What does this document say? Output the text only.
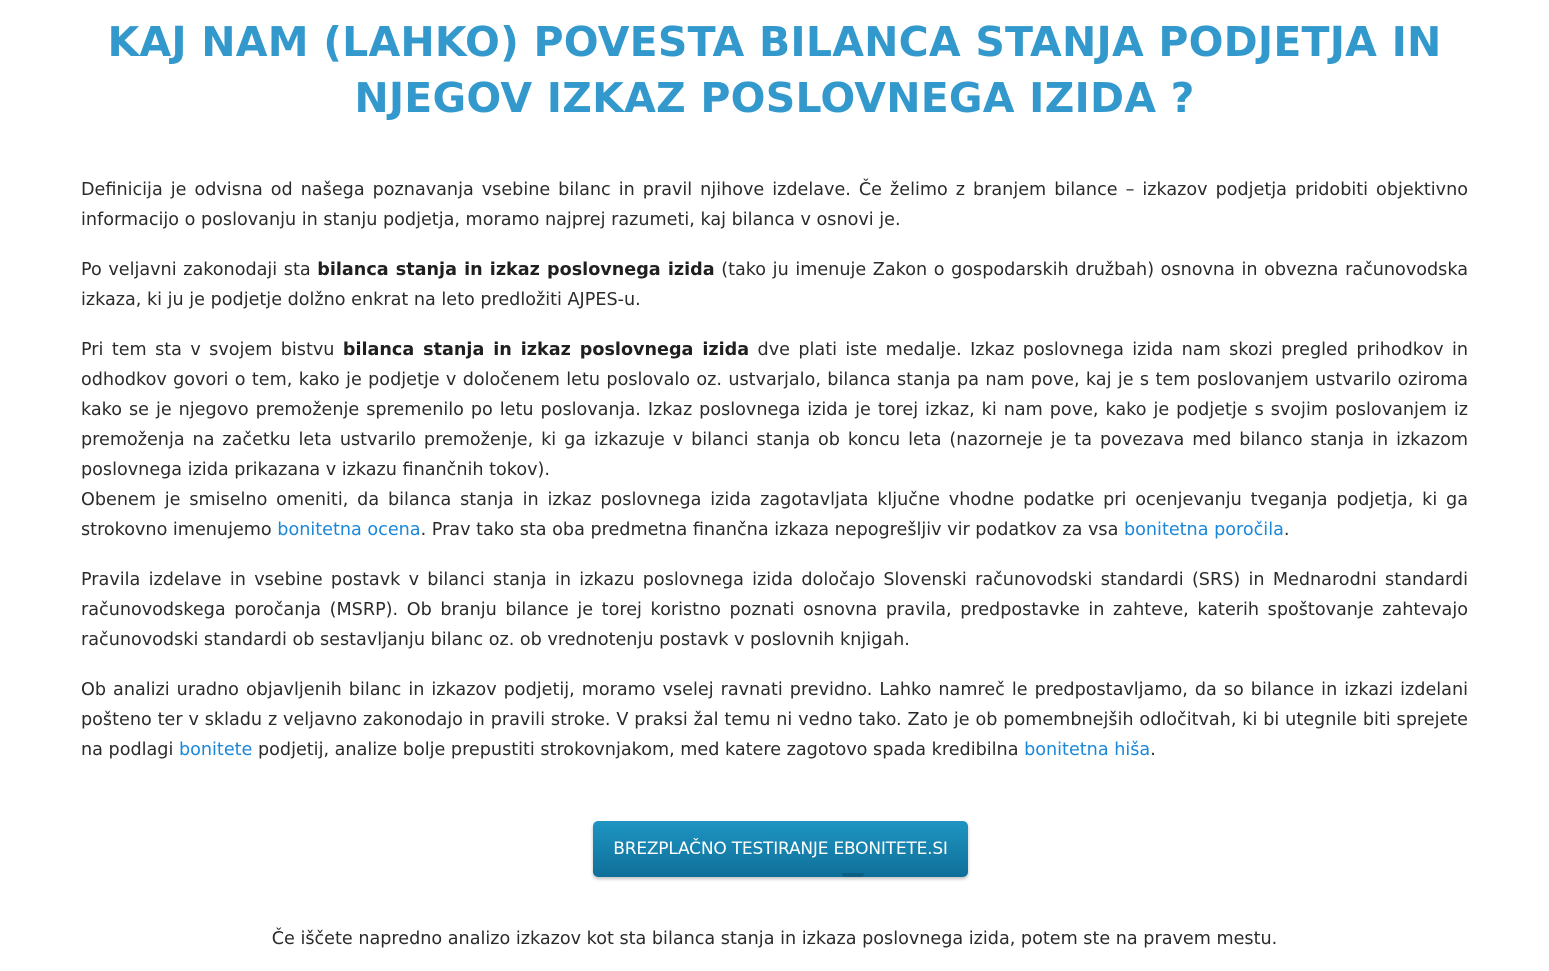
KAJ NAM (LAHKO) POVESTA BILANCA STANJA PODJETJA IN NJEGOV IZKAZ POSLOVNEGA IZIDA ?

Definicija je odvisna od našega poznavanja vsebine bilanc in pravil njihove izdelave. Če želimo z branjem bilance – izkazov podjetja pridobiti objektivno informacijo o poslovanju in stanju podjetja, moramo najprej razumeti, kaj bilanca v osnovi je.

Po veljavni zakonodaji sta bilanca stanja in izkaz poslovnega izida (tako ju imenuje Zakon o gospodarskih družbah) osnovna in obvezna računovodska izkaza, ki ju je podjetje dolžno enkrat na leto predložiti AJPES-u.

Pri tem sta v svojem bistvu bilanca stanja in izkaz poslovnega izida dve plati iste medalje. Izkaz poslovnega izida nam skozi pregled prihodkov in odhodkov govori o tem, kako je podjetje v določenem letu poslovalo oz. ustvarjalo, bilanca stanja pa nam pove, kaj je s tem poslovanjem ustvarilo oziroma kako se je njegovo premoženje spremenilo po letu poslovanja. Izkaz poslovnega izida je torej izkaz, ki nam pove, kako je podjetje s svojim poslovanjem iz premoženja na začetku leta ustvarilo premoženje, ki ga izkazuje v bilanci stanja ob koncu leta (nazorneje je ta povezava med bilanco stanja in izkazom poslovnega izida prikazana v izkazu finančnih tokov).

Obenem je smiselno omeniti, da bilanca stanja in izkaz poslovnega izida zagotavljata ključne vhodne podatke pri ocenjevanju tveganja podjetja, ki ga strokovno imenujemo bonitetna ocena. Prav tako sta oba predmetna finančna izkaza nepogrešljiv vir podatkov za vsa bonitetna poročila.

Pravila izdelave in vsebine postavk v bilanci stanja in izkazu poslovnega izida določajo Slovenski računovodski standardi (SRS) in Mednarodni standardi računovodskega poročanja (MSRP). Ob branju bilance je torej koristno poznati osnovna pravila, predpostavke in zahteve, katerih spoštovanje zahtevajo računovodski standardi ob sestavljanju bilanc oz. ob vrednotenju postavk v poslovnih knjigah.

Ob analizi uradno objavljenih bilanc in izkazov podjetij, moramo vselej ravnati previdno. Lahko namreč le predpostavljamo, da so bilance in izkazi izdelani pošteno ter v skladu z veljavno zakonodajo in pravili stroke. V praksi žal temu ni vedno tako. Zato je ob pomembnejših odločitvah, ki bi utegnile biti sprejete na podlagi bonitete podjetij, analize bolje prepustiti strokovnjakom, med katere zagotovo spada kredibilna bonitetna hiša.

BREZPLAČNO TESTIRANJE EBONITETE.SI

Če iščete napredno analizo izkazov kot sta bilanca stanja in izkaza poslovnega izida, potem ste na pravem mestu.
